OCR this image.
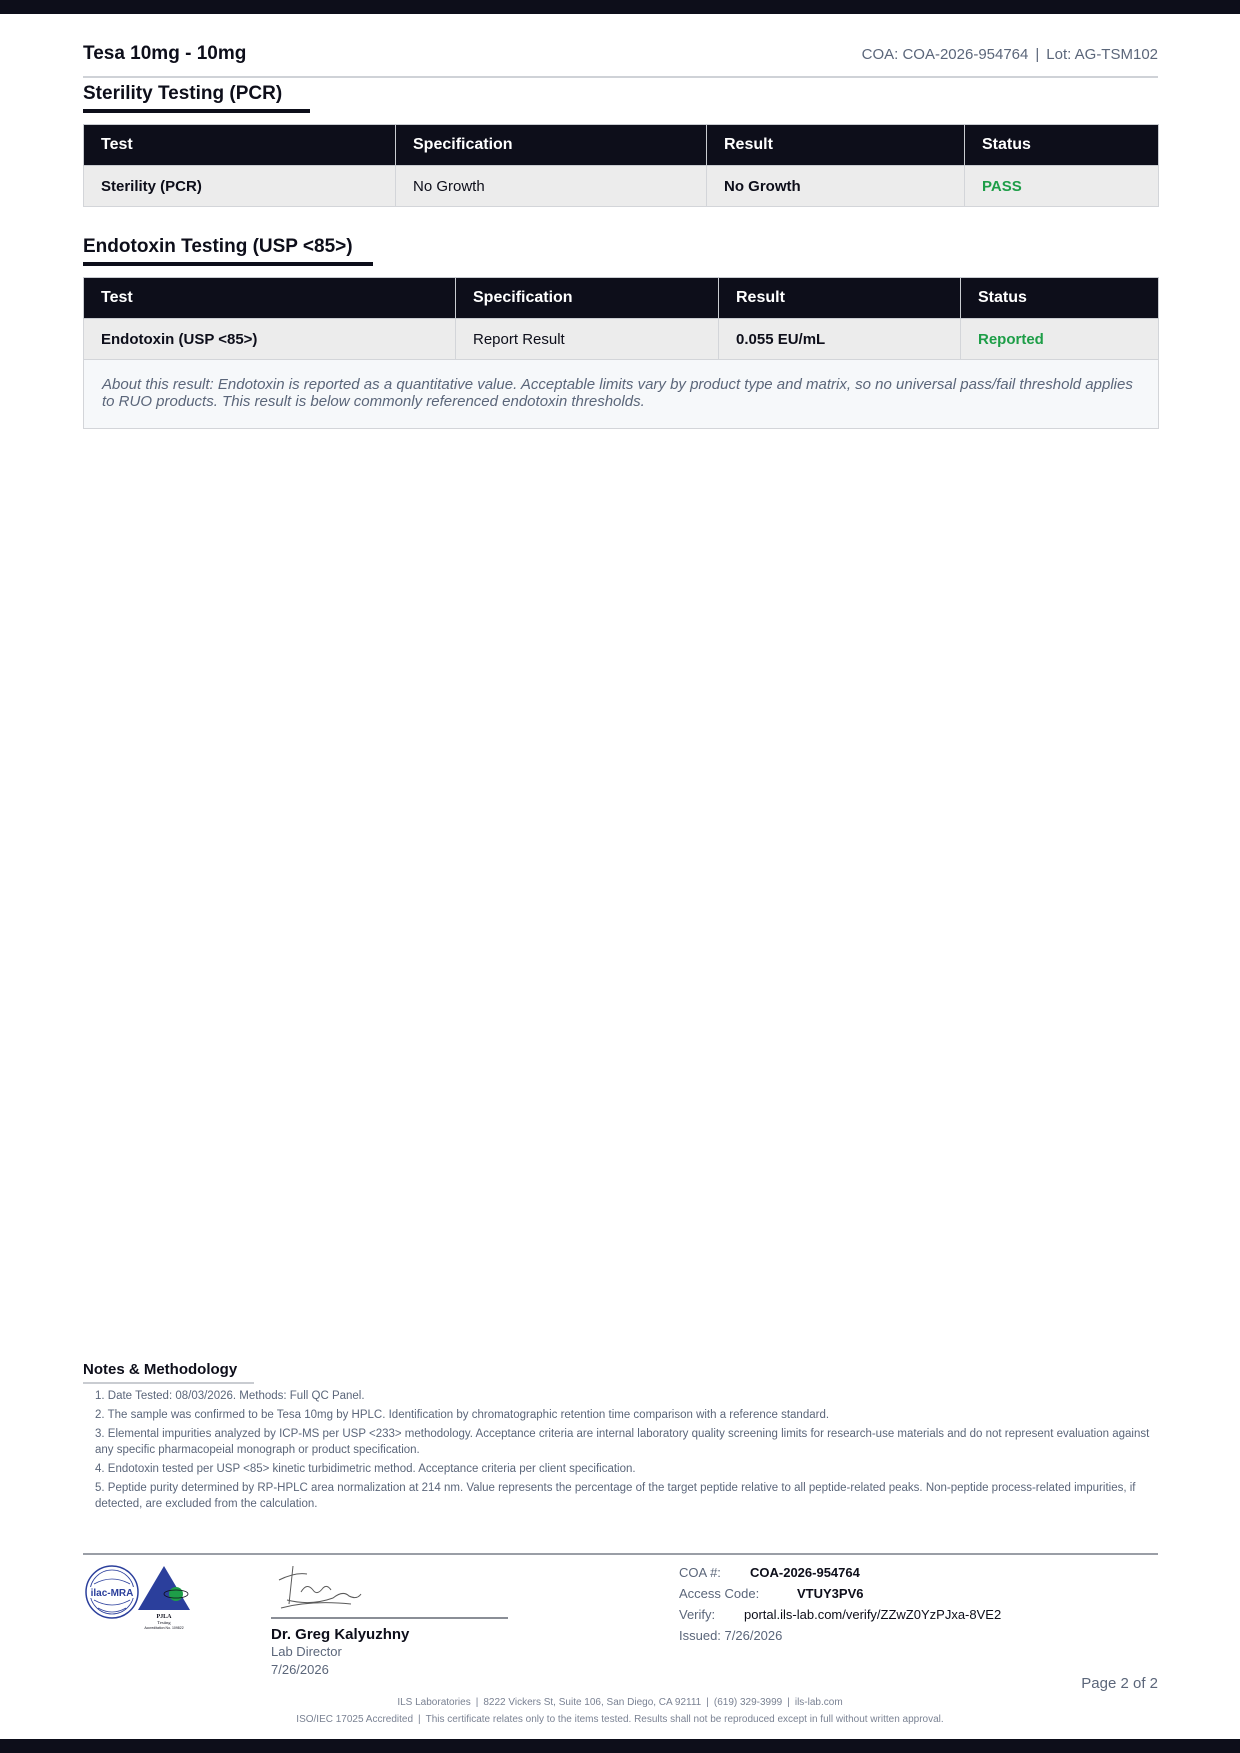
Tesa 10mg - 10mg	COA: COA-2026-954764 | Lot: AG-TSM102
Sterility Testing (PCR)
Test	Specification	Result	Status
Sterility (PCR)	No Growth	No Growth	PASS
Endotoxin Testing (USP <85>)
Test	Specification	Result	Status
Endotoxin (USP <85>)	Report Result	0.055 EU/mL	Reported
About this result: Endotoxin is reported as a quantitative value. Acceptable limits vary by product type and matrix, so no universal pass/fail threshold applies to RUO products. This result is below commonly referenced endotoxin thresholds.			
Notes & Methodology
1. Date Tested: 08/03/2026. Methods: Full QC Panel.
2. The sample was confirmed to be Tesa 10mg by HPLC. Identification by chromatographic retention time comparison with a reference standard.
3. Elemental impurities analyzed by ICP-MS per USP <233> methodology. Acceptance criteria are internal laboratory quality screening limits for research-use materials and do not represent evaluation against any specific pharmacopeial monograph or product specification.
4. Endotoxin tested per USP <85> kinetic turbidimetric method. Acceptance criteria per client specification.
5. Peptide purity determined by RP-HPLC area normalization at 214 nm. Value represents the percentage of the target peptide relative to all peptide-related peaks. Non-peptide process-related impurities, if detected, are excluded from the calculation.
ilac-MRA
PJLA
Testing
Accreditation No. 109822	Dr. Greg Kalyuzhny
Lab Director
7/26/2026
COA #: COA-2026-954764
Access Code:	VTUY3PV6
Verify: portal.ils-lab.com/verify/ZZwZ0YzPJxa-8VE2
Issued: 7/26/2026
Page 2 of 2
ILS Laboratories | 8222 Vickers St, Suite 106, San Diego, CA 92111 | (619) 329-3999 | ils-lab.com
ISO/IEC 17025 Accredited | This certificate relates only to the items tested. Results shall not be reproduced except in full without written approval.
